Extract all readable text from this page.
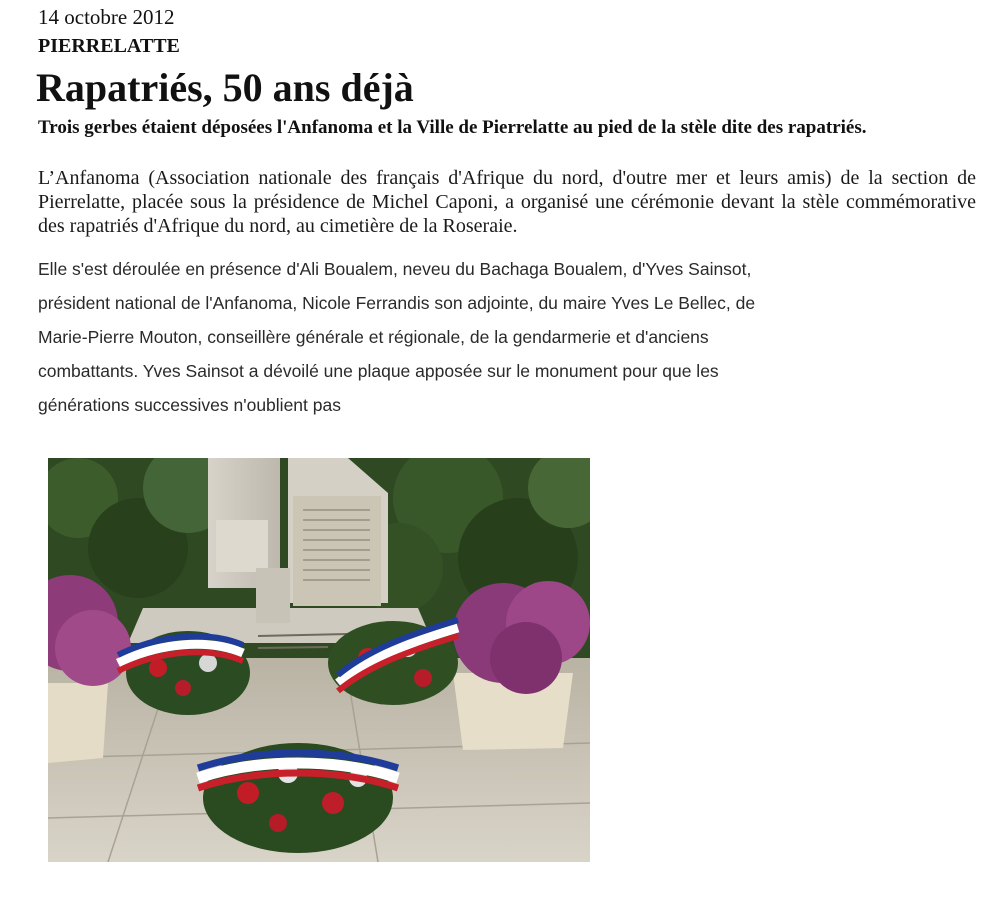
14 octobre 2012
PIERRELATTE
Rapatriés, 50 ans déjà

Trois gerbes étaient déposées l'Anfanoma et la Ville de Pierrelatte au pied de la stèle dite des rapatriés.

L’Anfanoma (Association nationale des français d'Afrique du nord, d'outre mer et leurs amis) de la section de Pierrelatte, placée sous la présidence de Michel Caponi, a organisé une cérémonie devant la stèle commémorative des rapatriés d'Afrique du nord, au cimetière de la Roseraie.

Elle s'est déroulée en présence d'Ali Boualem, neveu du Bachaga Boualem, d'Yves Sainsot,
président national de l'Anfanoma, Nicole Ferrandis son adjointe, du maire Yves Le Bellec, de
Marie-Pierre Mouton, conseillère générale et régionale, de la gendarmerie et d'anciens
combattants. Yves Sainsot a dévoilé une plaque apposée sur le monument pour que les
générations successives n'oublient pas
